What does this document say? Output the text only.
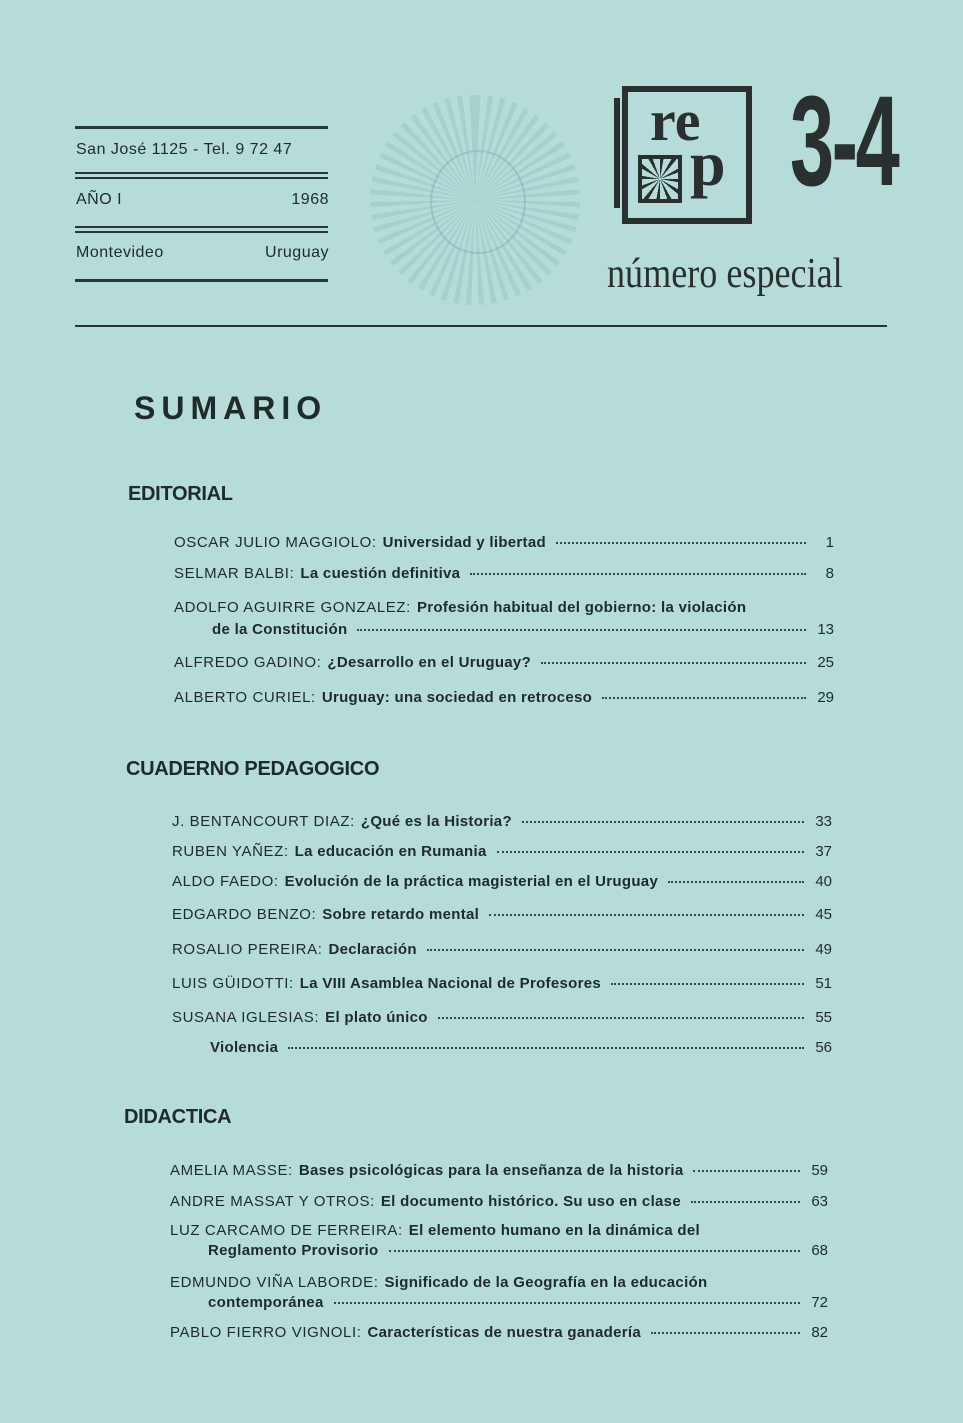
San José 1125 - Tel. 9 72 47
AÑO I	1968
Montevideo	Uruguay
re
p 3-4
número especial
SUMARIO
EDITORIAL
OSCAR JULIO MAGGIOLO: Universidad y libertad	1
SELMAR BALBI: La cuestión definitiva	8
ADOLFO AGUIRRE GONZALEZ: Profesión habitual del gobierno: la violación
de la Constitución	13
ALFREDO GADINO: ¿Desarrollo en el Uruguay?	25
ALBERTO CURIEL: Uruguay: una sociedad en retroceso	29
CUADERNO PEDAGOGICO
J. BENTANCOURT DIAZ: ¿Qué es la Historia?	33
RUBEN YAÑEZ: La educación en Rumania	37
ALDO FAEDO: Evolución de la práctica magisterial en el Uruguay	40
EDGARDO BENZO: Sobre retardo mental	45
ROSALIO PEREIRA: Declaración	49
LUIS GÜIDOTTI: La VIII Asamblea Nacional de Profesores	51
SUSANA IGLESIAS: El plato único	55
Violencia	56
DIDACTICA
AMELIA MASSE: Bases psicológicas para la enseñanza de la historia	59
ANDRE MASSAT Y OTROS: El documento histórico. Su uso en clase	63
LUZ CARCAMO DE FERREIRA: El elemento humano en la dinámica del
Reglamento Provisorio	68
EDMUNDO VIÑA LABORDE: Significado de la Geografía en la educación
contemporánea	72
PABLO FIERRO VIGNOLI: Características de nuestra ganadería	82
